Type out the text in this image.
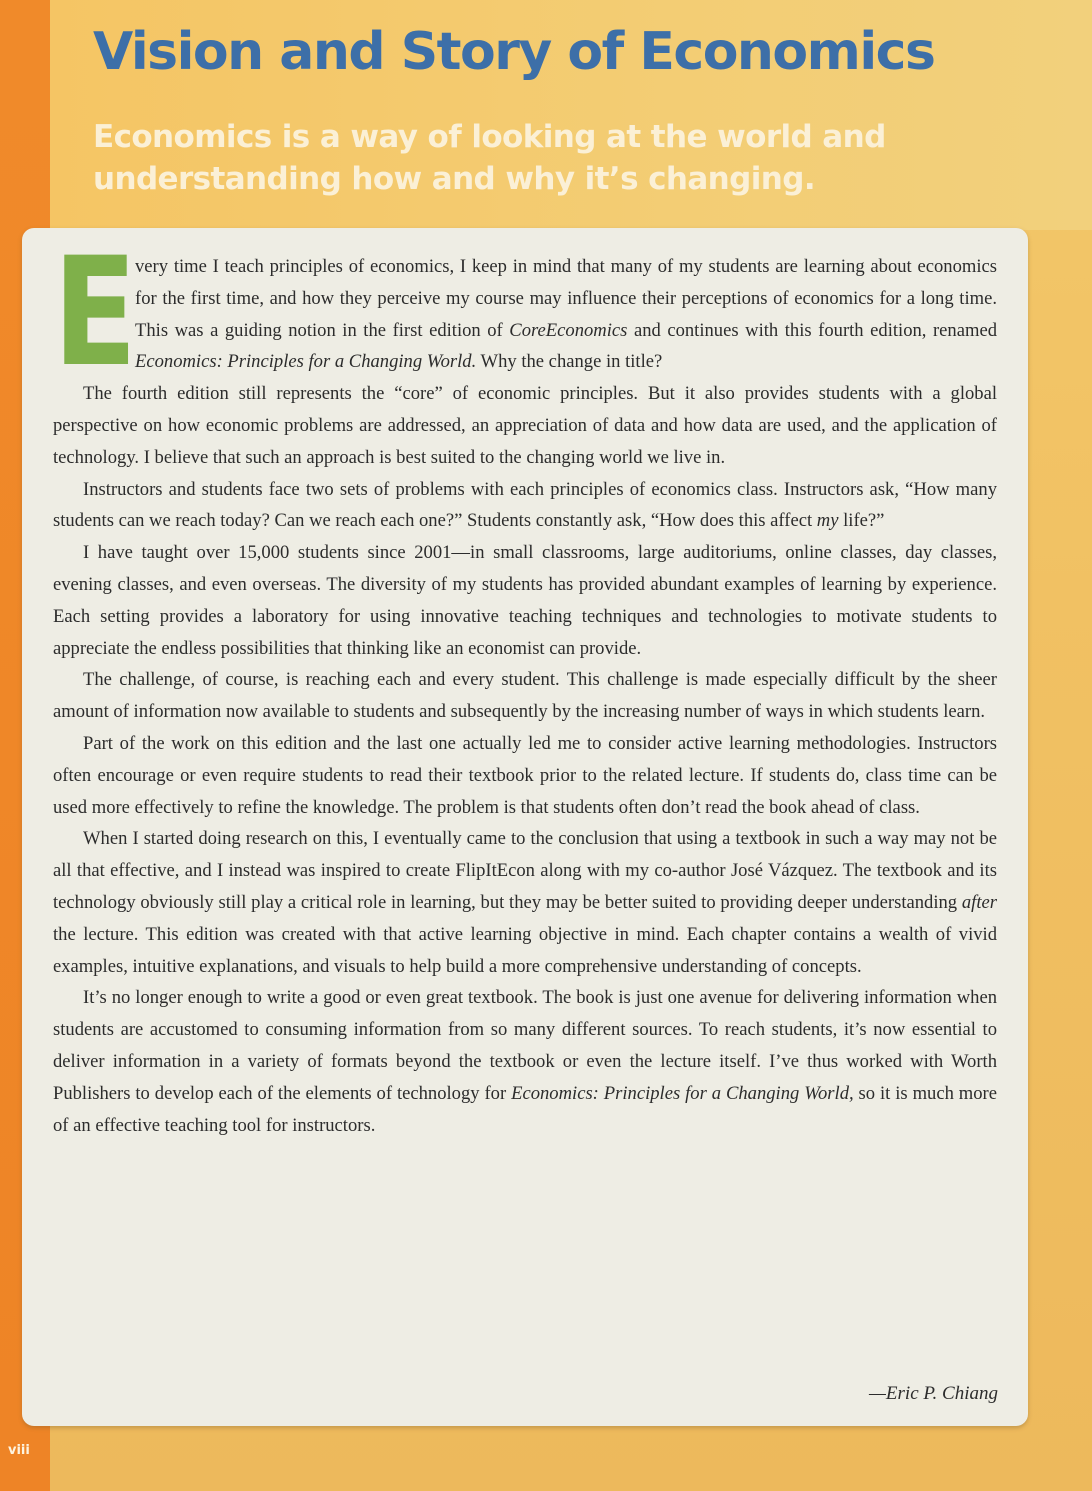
Vision and Story of Economics
Economics is a way of looking at the world and understanding how and why it’s changing.

E
very time I teach principles of economics, I keep in mind that many of my students are learning about economics for the first time, and how they perceive my course may influence their perceptions of economics for a long time. This was a guiding notion in the first edition of CoreEconomics and continues with this fourth edition, renamed Economics: Principles for a Changing World. Why the change in title?

The fourth edition still represents the “core” of economic principles. But it also provides students with a global perspective on how economic problems are addressed, an appreciation of data and how data are used, and the application of technology. I believe that such an approach is best suited to the changing world we live in.

Instructors and students face two sets of problems with each principles of economics class. Instructors ask, “How many students can we reach today? Can we reach each one?” Students constantly ask, “How does this affect my life?”

I have taught over 15,000 students since 2001—in small classrooms, large auditoriums, online classes, day classes, evening classes, and even overseas. The diversity of my students has provided abundant examples of learning by experience. Each setting provides a laboratory for using innovative teaching techniques and technologies to motivate students to appreciate the endless possibilities that thinking like an economist can provide.

The challenge, of course, is reaching each and every student. This challenge is made especially difficult by the sheer amount of information now available to students and subsequently by the increasing number of ways in which students learn.

Part of the work on this edition and the last one actually led me to consider active learning methodologies. Instructors often encourage or even require students to read their textbook prior to the related lecture. If students do, class time can be used more effectively to refine the knowledge. The problem is that students often don’t read the book ahead of class.

When I started doing research on this, I eventually came to the conclusion that using a textbook in such a way may not be all that effective, and I instead was inspired to create FlipItEcon along with my co-author José Vázquez. The textbook and its technology obviously still play a critical role in learning, but they may be better suited to providing deeper understanding after the lecture. This edition was created with that active learning objective in mind. Each chapter contains a wealth of vivid examples, intuitive explanations, and visuals to help build a more comprehensive understanding of concepts.

It’s no longer enough to write a good or even great textbook. The book is just one avenue for delivering information when students are accustomed to consuming information from so many different sources. To reach students, it’s now essential to deliver information in a variety of formats beyond the textbook or even the lecture itself. I’ve thus worked with Worth Publishers to develop each of the elements of technology for Economics: Principles for a Changing World, so it is much more of an effective teaching tool for instructors.

—Eric P. Chiang
viii
